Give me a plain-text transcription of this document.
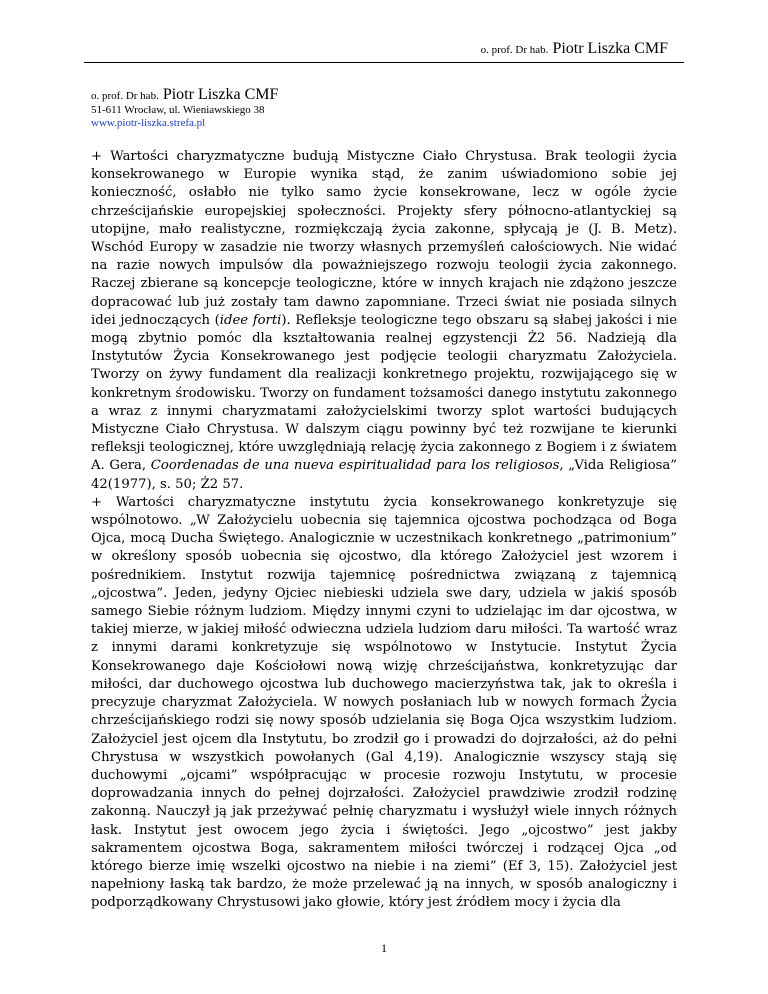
o. prof. Dr hab. Piotr Liszka CMF
o. prof. Dr hab. Piotr Liszka CMF
51-611 Wrocław, ul. Wieniawskiego 38
www.piotr-liszka.strefa.pl

+ Wartości charyzmatyczne budują Mistyczne Ciało Chrystusa. Brak teologii życia konsekrowanego w Europie wynika stąd, że zanim uświadomiono sobie jej konieczność, osłabło nie tylko samo życie konsekrowane, lecz w ogóle życie chrześcijańskie europejskiej społeczności. Projekty sfery północno-atlantyckiej są utopijne, mało realistyczne, rozmiękczają życia zakonne, spłycają je (J. B. Metz). Wschód Europy w zasadzie nie tworzy własnych przemyśleń całościowych. Nie widać na razie nowych impulsów dla poważniejszego rozwoju teologii życia zakonnego. Raczej zbierane są koncepcje teologiczne, które w innych krajach nie zdążono jeszcze dopracować lub już zostały tam dawno zapomniane. Trzeci świat nie posiada silnych idei jednoczących (idee forti). Refleksje teologiczne tego obszaru są słabej jakości i nie mogą zbytnio pomóc dla kształtowania realnej egzystencji Ż2 56. Nadzieją dla Instytutów Życia Konsekrowanego jest podjęcie teologii charyzmatu Założyciela. Tworzy on żywy fundament dla realizacji konkretnego projektu, rozwijającego się w konkretnym środowisku. Tworzy on fundament tożsamości danego instytutu zakonnego a wraz z innymi charyzmatami założycielskimi tworzy splot wartości budujących Mistyczne Ciało Chrystusa. W dalszym ciągu powinny być też rozwijane te kierunki refleksji teologicznej, które uwzględniają relację życia zakonnego z Bogiem i z światem A. Gera, Coordenadas de una nueva espiritualidad para los religiosos, „Vida Religiosa” 42(1977), s. 50; Ż2 57.

+ Wartości charyzmatyczne instytutu życia konsekrowanego konkretyzuje się wspólnotowo. „W Założycielu uobecnia się tajemnica ojcostwa pochodząca od Boga Ojca, mocą Ducha Świętego. Analogicznie w uczestnikach konkretnego „patrimonium” w określony sposób uobecnia się ojcostwo, dla którego Założyciel jest wzorem i pośrednikiem. Instytut rozwija tajemnicę pośrednictwa związaną z tajemnicą „ojcostwa”. Jeden, jedyny Ojciec niebieski udziela swe dary, udziela w jakiś sposób samego Siebie różnym ludziom. Między innymi czyni to udzielając im dar ojcostwa, w takiej mierze, w jakiej miłość odwieczna udziela ludziom daru miłości. Ta wartość wraz z innymi darami konkretyzuje się wspólnotowo w Instytucie. Instytut Życia Konsekrowanego daje Kościołowi nową wizję chrześcijaństwa, konkretyzując dar miłości, dar duchowego ojcostwa lub duchowego macierzyństwa tak, jak to określa i precyzuje charyzmat Założyciela. W nowych posłaniach lub w nowych formach Życia chrześcijańskiego rodzi się nowy sposób udzielania się Boga Ojca wszystkim ludziom. Założyciel jest ojcem dla Instytutu, bo zrodził go i prowadzi do dojrzałości, aż do pełni Chrystusa w wszystkich powołanych (Gal 4,19). Analogicznie wszyscy stają się duchowymi „ojcami” współpracując w procesie rozwoju Instytutu, w procesie doprowadzania innych do pełnej dojrzałości. Założyciel prawdziwie zrodził rodzinę zakonną. Nauczył ją jak przeżywać pełnię charyzmatu i wysłużył wiele innych różnych łask. Instytut jest owocem jego życia i świętości. Jego „ojcostwo” jest jakby sakramentem ojcostwa Boga, sakramentem miłości twórczej i rodzącej Ojca „od którego bierze imię wszelki ojcostwo na niebie i na ziemi” (Ef 3, 15). Założyciel jest napełniony łaską tak bardzo, że może przelewać ją na innych, w sposób analogiczny i podporządkowany Chrystusowi jako głowie, który jest źródłem mocy i życia dla

1
